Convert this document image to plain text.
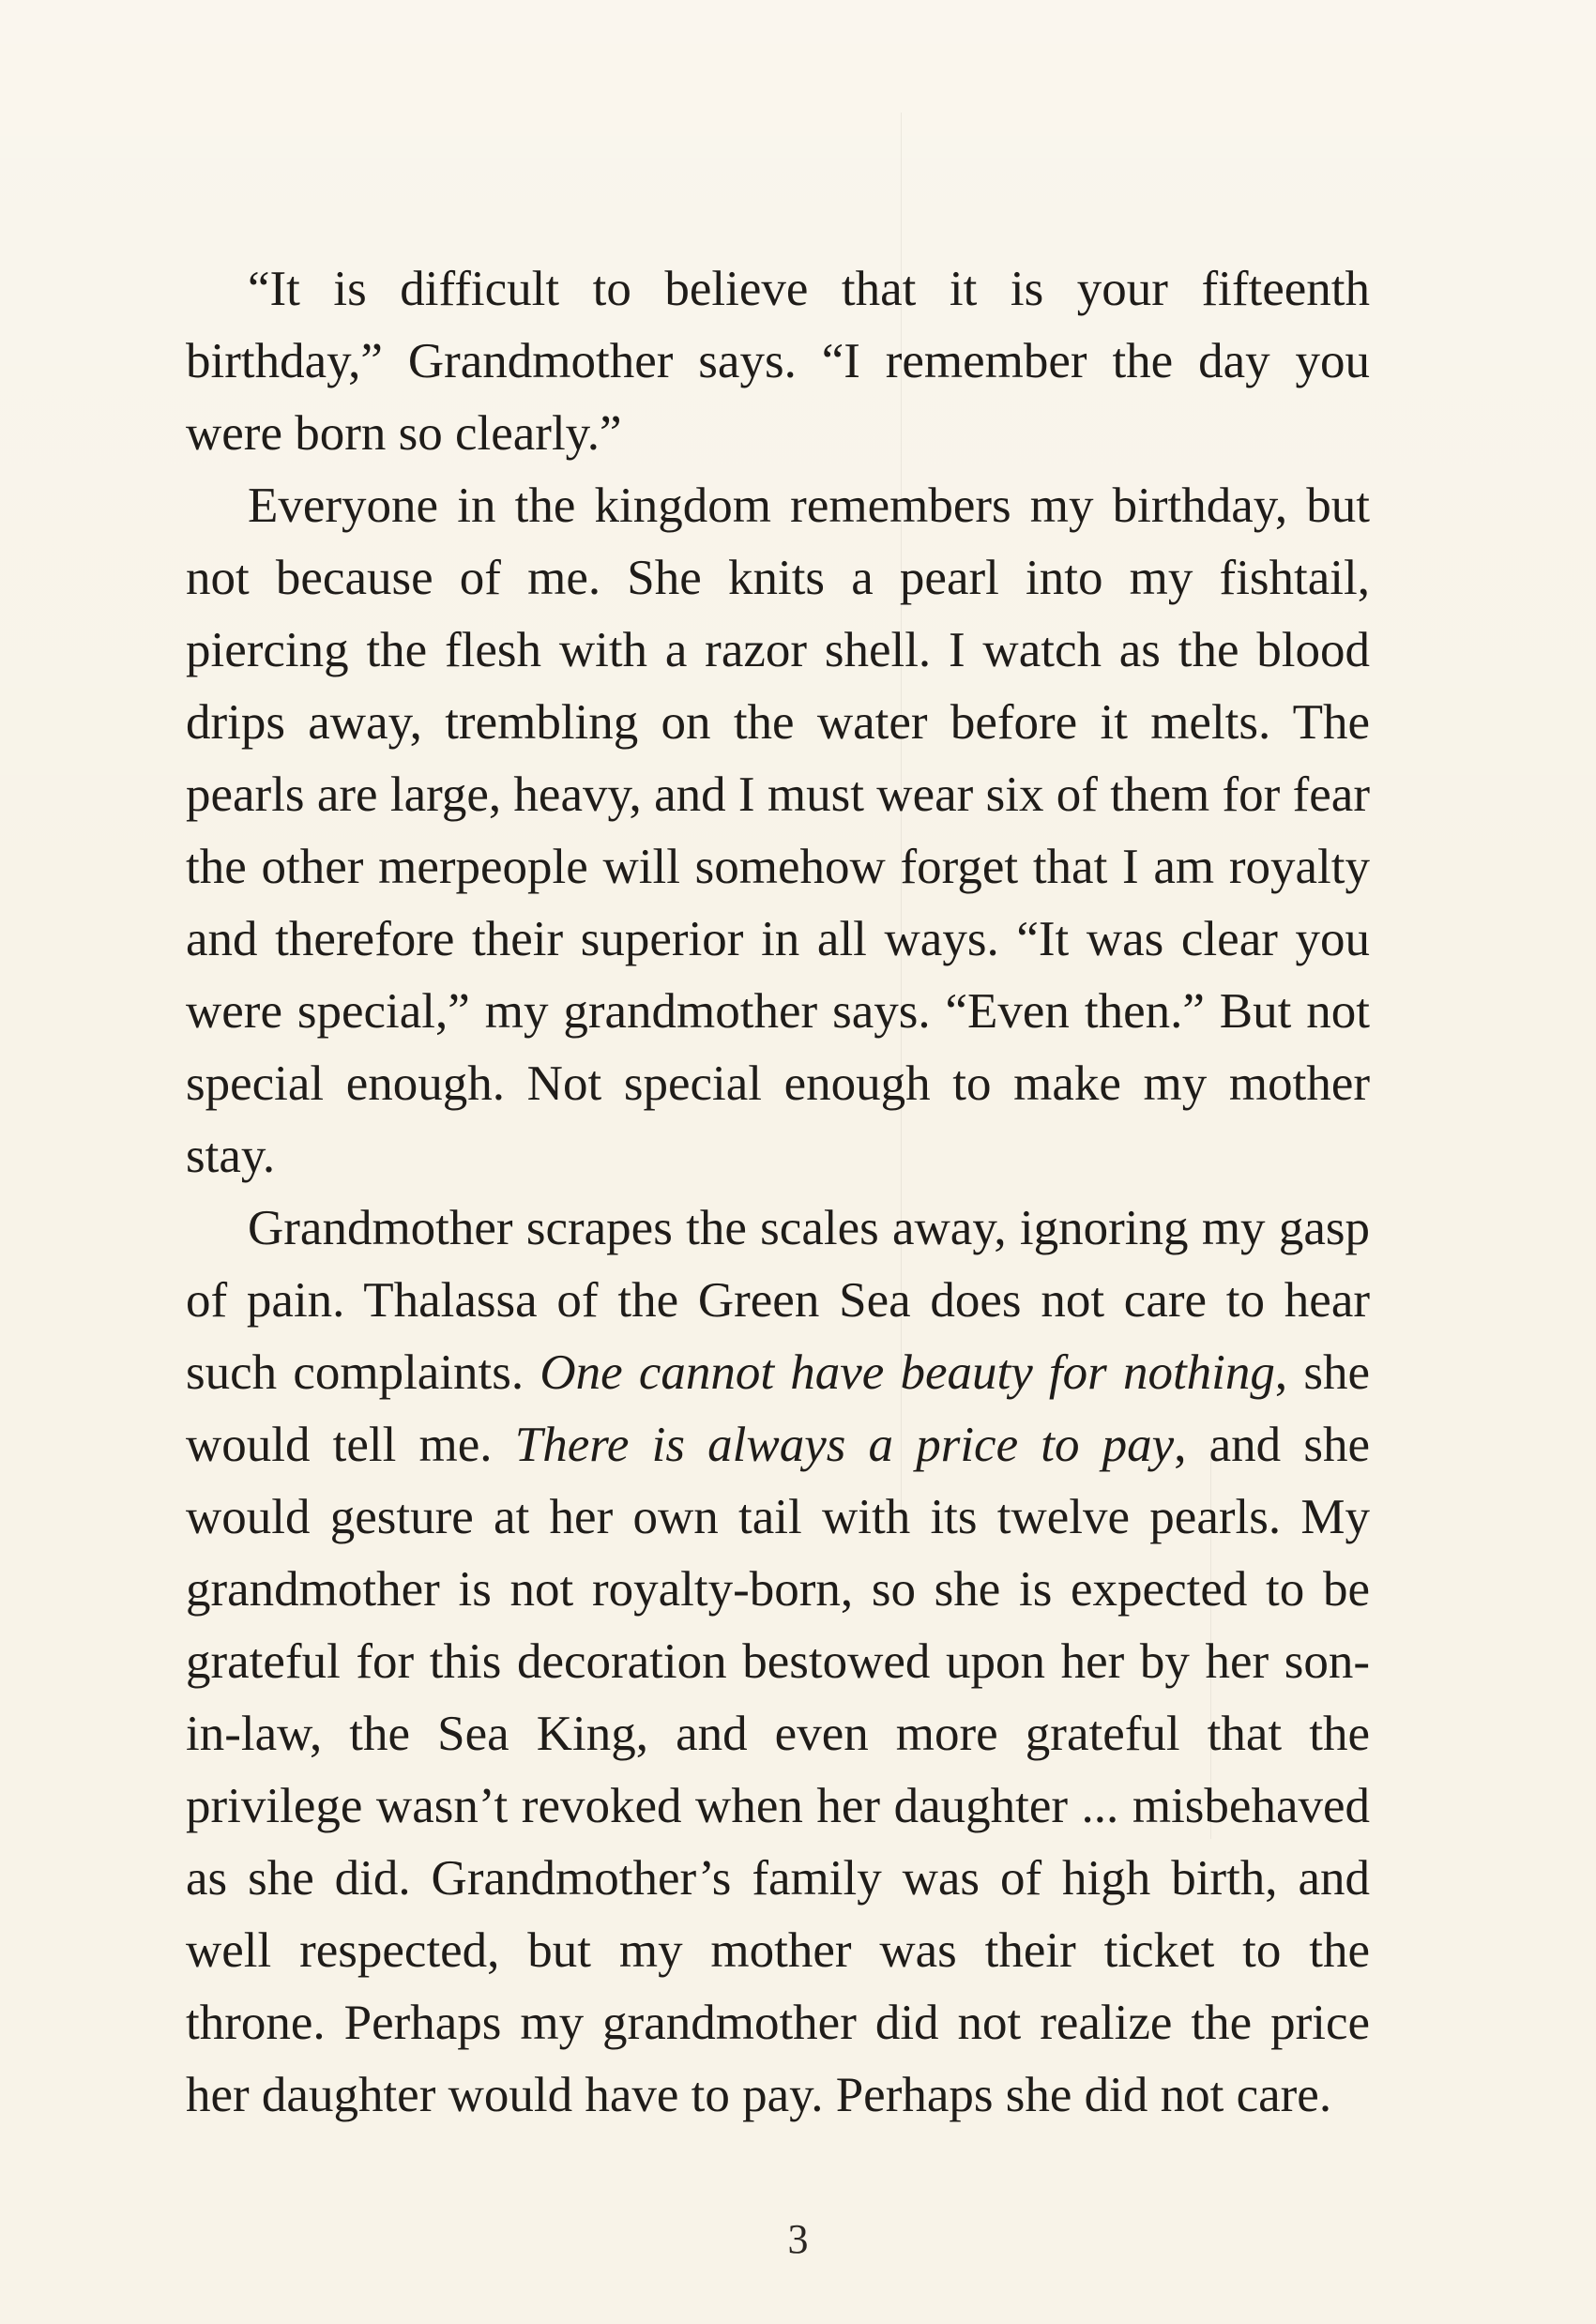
“It is difficult to believe that it is your fifteenth birthday,” Grandmother says. “I remember the day you were born so clearly.”

Everyone in the kingdom remembers my birthday, but not because of me. She knits a pearl into my fishtail, piercing the flesh with a razor shell. I watch as the blood drips away, trembling on the water before it melts. The pearls are large, heavy, and I must wear six of them for fear the other merpeople will somehow forget that I am royalty and therefore their superior in all ways. “It was clear you were special,” my grandmother says. “Even then.” But not special enough. Not special enough to make my mother stay.

Grandmother scrapes the scales away, ignoring my gasp of pain. Thalassa of the Green Sea does not care to hear such complaints. One cannot have beauty for nothing, she would tell me. There is always a price to pay, and she would gesture at her own tail with its twelve pearls. My grandmother is not royalty-born, so she is expected to be grateful for this decoration bestowed upon her by her son-in-law, the Sea King, and even more grateful that the privilege wasn’t revoked when her daughter ... misbehaved as she did. Grandmother’s family was of high birth, and well respected, but my mother was their ticket to the throne. Perhaps my grandmother did not realize the price her daughter would have to pay. Perhaps she did not care.

3
